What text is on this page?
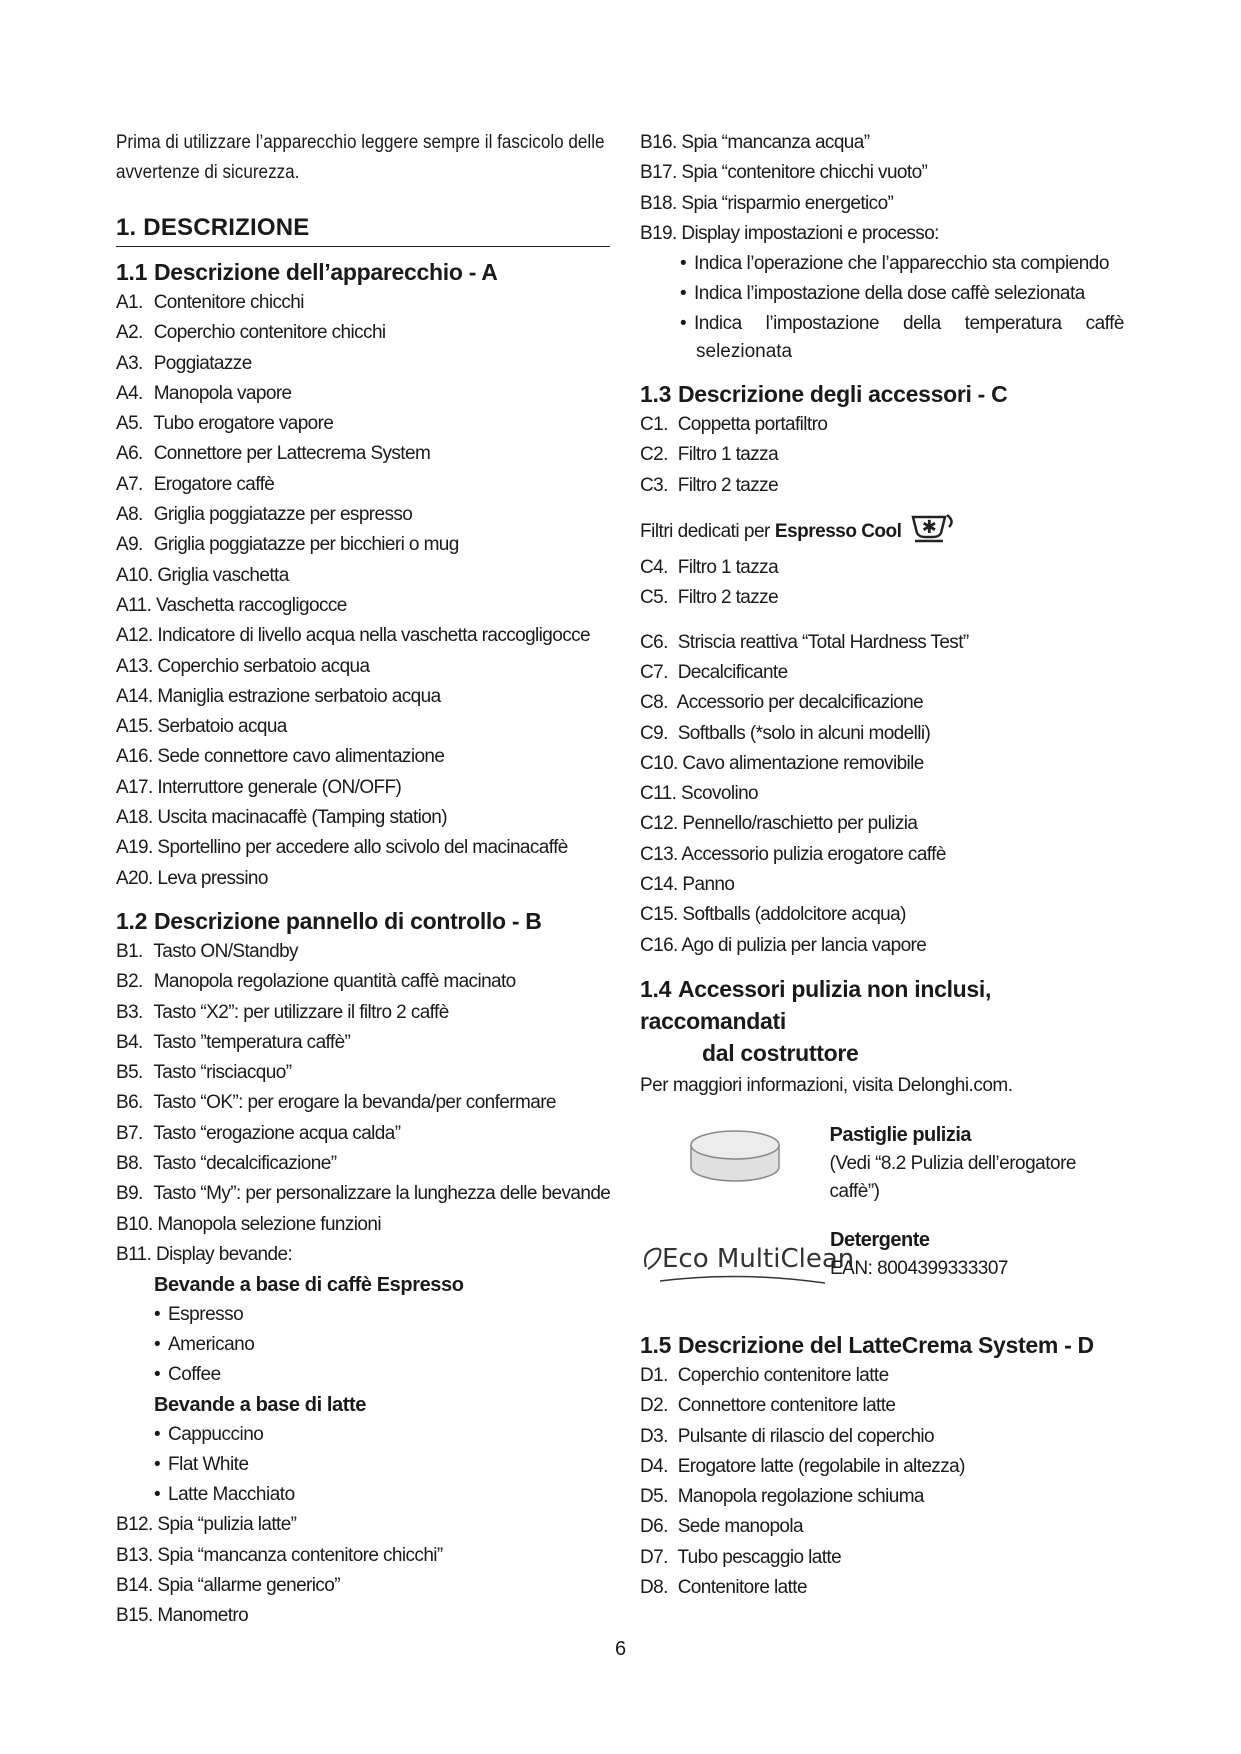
Prima di utilizzare l’apparecchio leggere sempre il fascicolo delle avvertenze di sicurezza.

1. DESCRIZIONE
1.1 Descrizione dell’apparecchio - A
A1. Contenitore chicchi
A2. Coperchio contenitore chicchi
A3. Poggiatazze
A4. Manopola vapore
A5. Tubo erogatore vapore
A6. Connettore per Lattecrema System
A7. Erogatore caffè
A8. Griglia poggiatazze per espresso
A9. Griglia poggiatazze per bicchieri o mug
A10. Griglia vaschetta
A11. Vaschetta raccogligocce
A12. Indicatore di livello acqua nella vaschetta raccogligocce
A13. Coperchio serbatoio acqua
A14. Maniglia estrazione serbatoio acqua
A15. Serbatoio acqua
A16. Sede connettore cavo alimentazione
A17. Interruttore generale (ON/OFF)
A18. Uscita macinacaffè (Tamping station)
A19. Sportellino per accedere allo scivolo del macinacaffè
A20. Leva pressino
1.2 Descrizione pannello di controllo - B
B1. Tasto ON/Standby
B2. Manopola regolazione quantità caffè macinato
B3. Tasto “X2”: per utilizzare il filtro 2 caffè
B4. Tasto ”temperatura caffè”
B5. Tasto “risciacquo”
B6. Tasto “OK”: per erogare la bevanda/per confermare
B7. Tasto “erogazione acqua calda”
B8. Tasto “decalcificazione”
B9. Tasto “My”: per personalizzare la lunghezza delle bevande
B10. Manopola selezione funzioni
B11. Display bevande:
Bevande a base di caffè Espresso
• Espresso
• Americano
• Coffee
Bevande a base di latte
• Cappuccino
• Flat White
• Latte Macchiato
B12. Spia “pulizia latte”
B13. Spia “mancanza contenitore chicchi”
B14. Spia “allarme generico”
B15. Manometro
B16. Spia “mancanza acqua”
B17. Spia “contenitore chicchi vuoto”
B18. Spia “risparmio energetico”
B19. Display impostazioni e processo:
• Indica l’operazione che l’apparecchio sta compiendo
• Indica l’impostazione della dose caffè selezionata
• Indica l’impostazione della temperatura caffè
selezionata
1.3 Descrizione degli accessori - C
C1. Coppetta portafiltro
C2. Filtro 1 tazza
C3. Filtro 2 tazze
Filtri dedicati per Espresso Cool ✱
C4. Filtro 1 tazza
C5. Filtro 2 tazze
C6. Striscia reattiva “Total Hardness Test”
C7. Decalcificante
C8. Accessorio per decalcificazione
C9. Softballs (*solo in alcuni modelli)
C10. Cavo alimentazione removibile
C11. Scovolino
C12. Pennello/raschietto per pulizia
C13. Accessorio pulizia erogatore caffè
C14. Panno
C15. Softballs (addolcitore acqua)
C16. Ago di pulizia per lancia vapore
1.4 Accessori pulizia non inclusi, raccomandati
dal costruttore
Per maggiori informazioni, visita Delonghi.com.
Pastiglie pulizia
(Vedi “8.2 Pulizia dell’erogatore caffè”)
Eco MultiClean
Detergente
EAN: 8004399333307
1.5 Descrizione del LatteCrema System - D
D1. Coperchio contenitore latte
D2. Connettore contenitore latte
D3. Pulsante di rilascio del coperchio
D4. Erogatore latte (regolabile in altezza)
D5. Manopola regolazione schiuma
D6. Sede manopola
D7. Tubo pescaggio latte
D8. Contenitore latte
6
